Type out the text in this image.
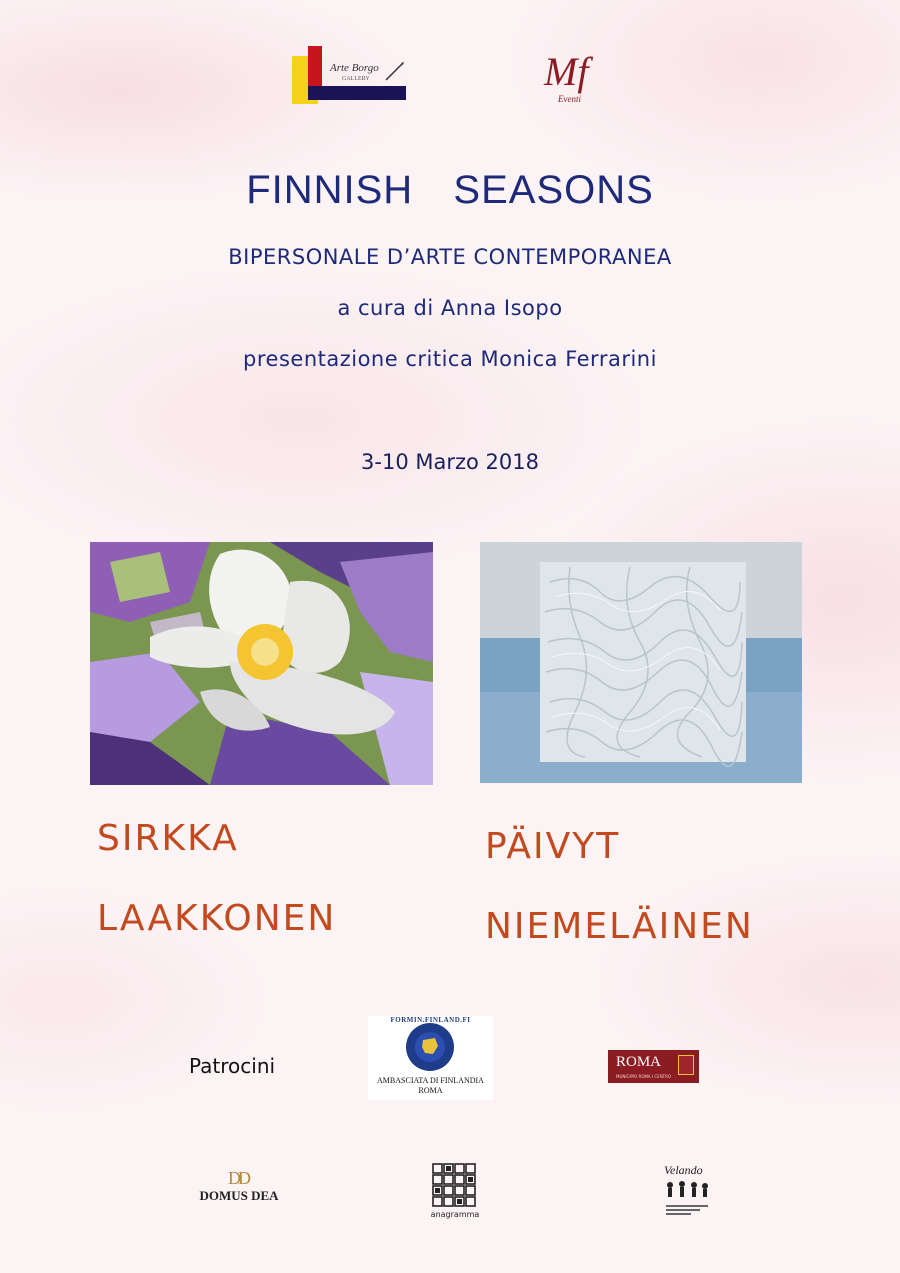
Arte Borgo
GALLERY	Mf
Eventi
FINNISH  SEASONS
BIPERSONALE D’ARTE CONTEMPORANEA
a cura di Anna Isopo
presentazione critica Monica Ferrarini
3-10 Marzo 2018
SIRKKA
LAAKKONEN
PÄIVYT
NIEMELÄINEN
Patrocini
FORMIN.FINLAND.FI
AMBASCIATA DI FINLANDIA
ROMA
ROMA
MUNICIPIO ROMA I CENTRO
DD
DOMUS DEA
anagramma
Velando
